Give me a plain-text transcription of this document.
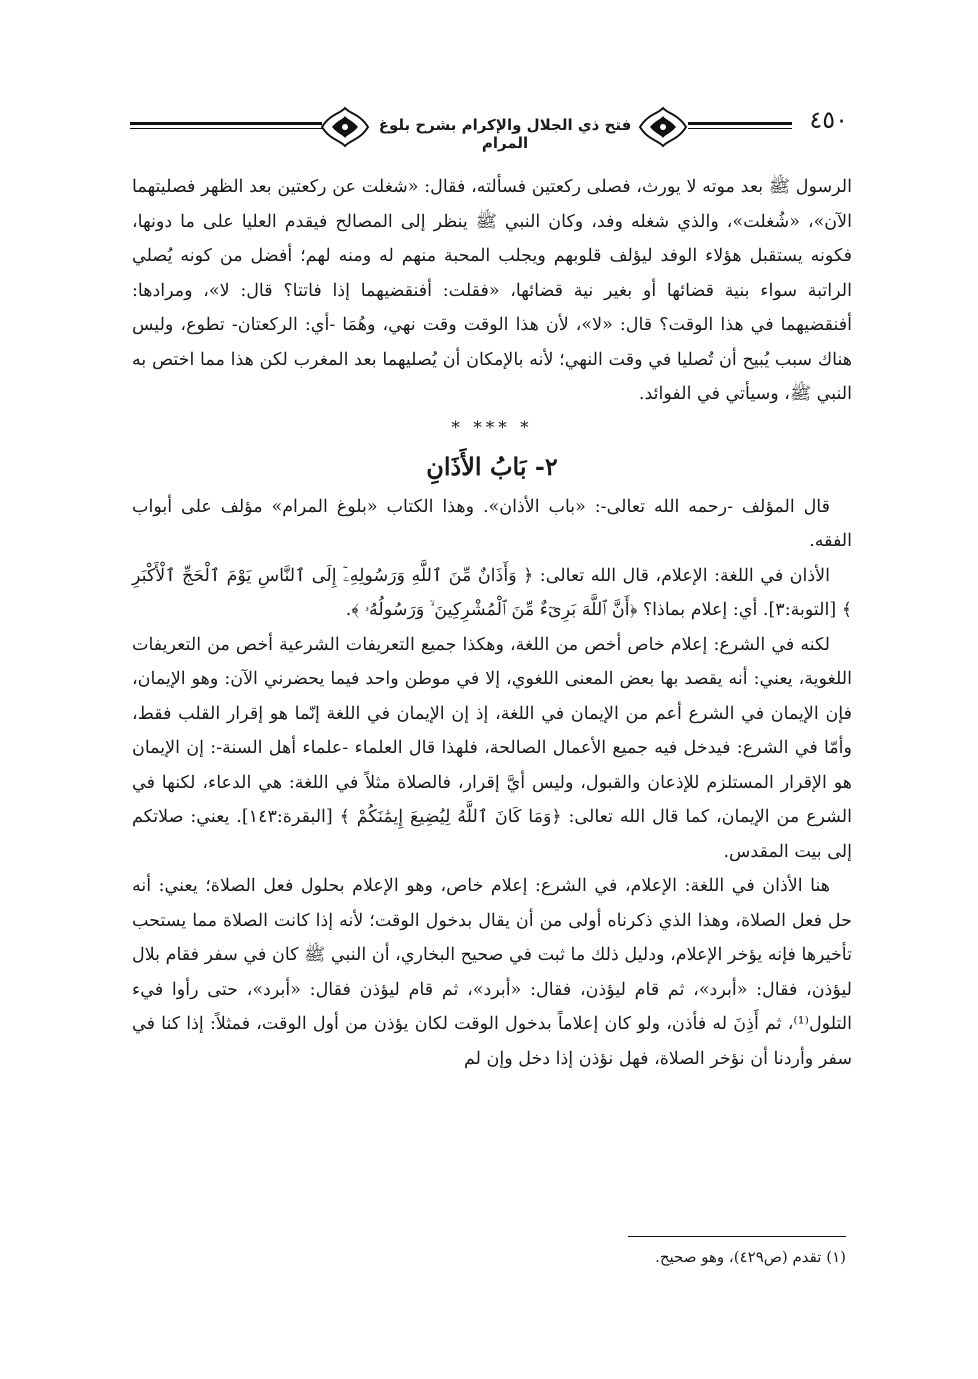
فتح ذي الجلال والإكرام بشرح بلوغ المرام
٤٥٠

الرسول ﷺ بعد موته لا يورث، فصلى ركعتين فسألته، فقال: «شغلت عن ركعتين بعد الظهر فصليتهما الآن»، «شُغلت»، والذي شغله وفد، وكان النبي ﷺ ينظر إلى المصالح فيقدم العليا على ما دونها، فكونه يستقبل هؤلاء الوفد ليؤلف قلوبهم ويجلب المحبة منهم له ومنه لهم؛ أفضل من كونه يُصلي الراتبة سواء بنية قضائها أو بغير نية قضائها، «فقلت: أفنقضيهما إذا فاتتا؟ قال: لا»، ومرادها: أفنقضيهما في هذا الوقت؟ قال: «لا»، لأن هذا الوقت وقت نهي، وهُمَا -أي: الركعتان- تطوع، وليس هناك سبب يُبيح أن تُصليا في وقت النهي؛ لأنه بالإمكان أن يُصليهما بعد المغرب لكن هذا مما اختص به النبي ﷺ، وسيأتي في الفوائد.

* *** *

٢- بَابُ الأَذَانِ

قال المؤلف -رحمه الله تعالى-: «باب الأذان». وهذا الكتاب «بلوغ المرام» مؤلف على أبواب الفقه.

الأذان في اللغة: الإعلام، قال الله تعالى: ﴿ وَأَذَانٌ مِّنَ ٱللَّهِ وَرَسُولِهِۦٓ إِلَى ٱلنَّاسِ يَوْمَ ٱلْحَجِّ ٱلْأَكْبَرِ ﴾ [التوبة:٣]. أي: إعلام بماذا؟ ﴿أَنَّ ٱللَّهَ بَرِىٓءٌ مِّنَ ٱلْمُشْرِكِينَ ۙ وَرَسُولُهُۥ ﴾.

لكنه في الشرع: إعلام خاص أخص من اللغة، وهكذا جميع التعريفات الشرعية أخص من التعريفات اللغوية، يعني: أنه يقصد بها بعض المعنى اللغوي، إلا في موطن واحد فيما يحضرني الآن: وهو الإيمان، فإن الإيمان في الشرع أعم من الإيمان في اللغة، إذ إن الإيمان في اللغة إنّما هو إقرار القلب فقط، وأمّا في الشرع: فيدخل فيه جميع الأعمال الصالحة، فلهذا قال العلماء -علماء أهل السنة-: إن الإيمان هو الإقرار المستلزم للإذعان والقبول، وليس أيَّ إقرار، فالصلاة مثلاً في اللغة: هي الدعاء، لكنها في الشرع من الإيمان، كما قال الله تعالى: ﴿وَمَا كَانَ ٱللَّهُ لِيُضِيعَ إِيمَٰنَكُمْ ﴾ [البقرة:١٤٣]. يعني: صلاتكم إلى بيت المقدس.

هنا الأذان في اللغة: الإعلام، في الشرع: إعلام خاص، وهو الإعلام بحلول فعل الصلاة؛ يعني: أنه حل فعل الصلاة، وهذا الذي ذكرناه أولى من أن يقال بدخول الوقت؛ لأنه إذا كانت الصلاة مما يستحب تأخيرها فإنه يؤخر الإعلام، ودليل ذلك ما ثبت في صحيح البخاري، أن النبي ﷺ كان في سفر فقام بلال ليؤذن، فقال: «أبرد»، ثم قام ليؤذن، فقال: «أبرد»، ثم قام ليؤذن فقال: «أبرد»، حتى رأوا فيء التلول⁽¹⁾، ثم أَذِنَ له فأذن، ولو كان إعلاماً بدخول الوقت لكان يؤذن من أول الوقت، فمثلاً: إذا كنا في سفر وأردنا أن نؤخر الصلاة، فهل نؤذن إذا دخل وإن لم

(١) تقدم (ص٤٢٩)، وهو صحيح.
